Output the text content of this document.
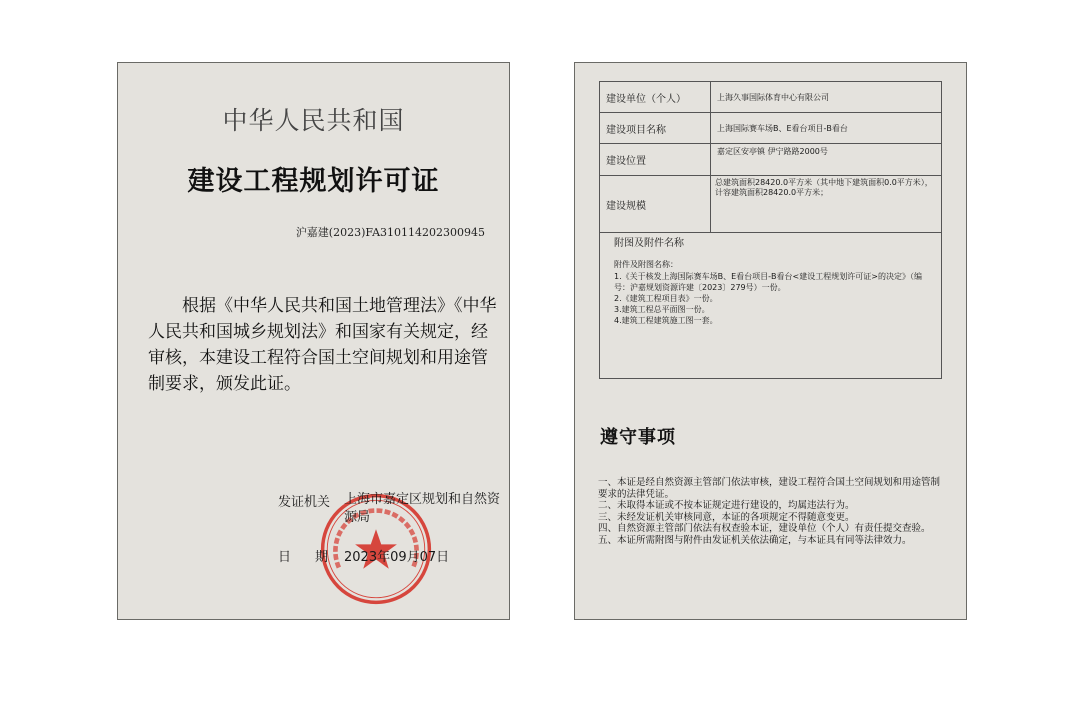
中华人民共和国
建设工程规划许可证
沪嘉建(2023)FA310114202300945

根据《中华人民共和国土地管理法》《中华人民共和国城乡规划法》和国家有关规定，经审核，本建设工程符合国土空间规划和用途管制要求，颁发此证。

发证机关 上海市嘉定区规划和自然资源局
日 期 2023年09月07日
建设单位（个人）	上海久事国际体育中心有限公司
建设项目名称	上海国际赛车场B、E看台项目-B看台
建设位置	嘉定区安亭镇 伊宁路路2000号
建设规模	总建筑面积28420.0平方米（其中地下建筑面积0.0平方米），计容建筑面积28420.0平方米；
附图及附件名称
附件及附图名称：

1.《关于核发上海国际赛车场B、E看台项目-B看台<建设工程规划许可证>的决定》（编号：沪嘉规划资源许建〔2023〕279号）一份。

2.《建筑工程项目表》一份。

3.建筑工程总平面图一份。

4.建筑工程建筑施工图一套。

遵守事项

一、本证是经自然资源主管部门依法审核，建设工程符合国土空间规划和用途管制要求的法律凭证。

二、未取得本证或不按本证规定进行建设的，均属违法行为。

三、未经发证机关审核同意，本证的各项规定不得随意变更。

四、自然资源主管部门依法有权查验本证，建设单位（个人）有责任提交查验。

五、本证所需附图与附件由发证机关依法确定，与本证具有同等法律效力。
